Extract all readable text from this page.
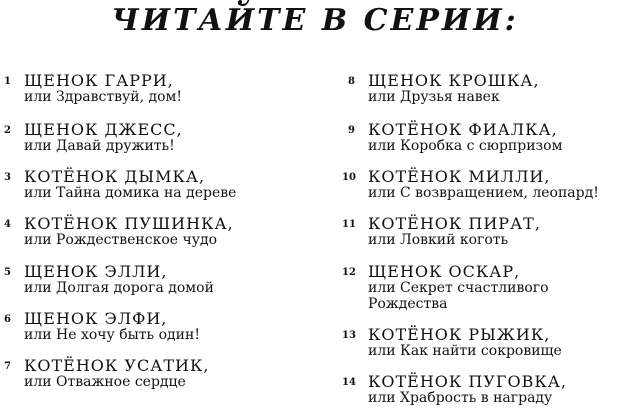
ЧИТАЙТЕ В СЕРИИ:
1 ЩЕНОК ГАРРИ,
или Здравствуй, дом!
2 ЩЕНОК ДЖЕСС,
или Давай дружить!
3 КОТЁНОК ДЫМКА,
или Тайна домика на дереве
4 КОТЁНОК ПУШИНКА,
или Рождественское чудо
5 ЩЕНОК ЭЛЛИ,
или Долгая дорога домой
6 ЩЕНОК ЭЛФИ,
или Не хочу быть один!
7 КОТЁНОК УСАТИК,
или Отважное сердце
8 ЩЕНОК КРОШКА,
или Друзья навек
9 КОТЁНОК ФИАЛКА,
или Коробка с сюрпризом
10 КОТЁНОК МИЛЛИ,
или С возвращением, леопард!
11 КОТЁНОК ПИРАТ,
или Ловкий коготь
12 ЩЕНОК ОСКАР,
или Секрет счастливого
Рождества
13 КОТЁНОК РЫЖИК,
или Как найти сокровище
14 КОТЁНОК ПУГОВКА,
или Храбрость в награду
